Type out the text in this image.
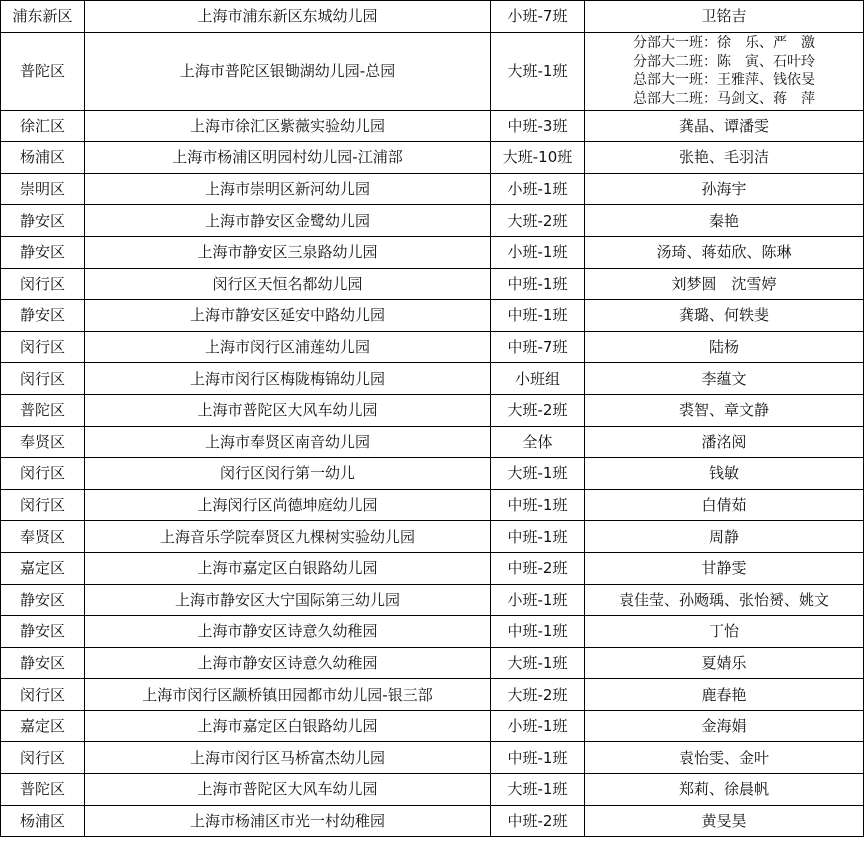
浦东新区	上海市浦东新区东城幼儿园	小班-7班	卫铭吉
普陀区	上海市普陀区银锄湖幼儿园-总园	大班-1班	分部大一班：徐　乐、严　激
分部大二班：陈　寅、石叶玲
总部大一班：王雅萍、钱依旻
总部大二班：马剑文、蒋　萍

徐汇区	上海市徐汇区紫薇实验幼儿园	中班-3班	龚晶、谭潘雯
杨浦区	上海市杨浦区明园村幼儿园-江浦部	大班-10班	张艳、毛羽洁
崇明区	上海市崇明区新河幼儿园	小班-1班	孙海宇
静安区	上海市静安区金鹭幼儿园	大班-2班	秦艳
静安区	上海市静安区三泉路幼儿园	小班-1班	汤琦、蒋茹欣、陈琳
闵行区	闵行区天恒名都幼儿园	中班-1班	刘梦圆　沈雪婷
静安区	上海市静安区延安中路幼儿园	中班-1班	龚璐、何轶斐
闵行区	上海市闵行区浦莲幼儿园	中班-7班	陆杨
闵行区	上海市闵行区梅陇梅锦幼儿园	小班组	李蕴文
普陀区	上海市普陀区大风车幼儿园	大班-2班	裘智、章文静
奉贤区	上海市奉贤区南音幼儿园	全体	潘洺阅
闵行区	闵行区闵行第一幼儿	大班-1班	钱敏
闵行区	上海闵行区尚德坤庭幼儿园	中班-1班	白倩茹
奉贤区	上海音乐学院奉贤区九棵树实验幼儿园	中班-1班	周静
嘉定区	上海市嘉定区白银路幼儿园	中班-2班	甘静雯
静安区	上海市静安区大宁国际第三幼儿园	小班-1班	袁佳莹、孙飏瑀、张怡赟、姚文
静安区	上海市静安区诗意久幼稚园	中班-1班	丁怡
静安区	上海市静安区诗意久幼稚园	大班-1班	夏婧乐
闵行区	上海市闵行区颛桥镇田园都市幼儿园-银三部	大班-2班	鹿春艳
嘉定区	上海市嘉定区白银路幼儿园	小班-1班	金海娟
闵行区	上海市闵行区马桥富杰幼儿园	中班-1班	袁怡雯、金叶
普陀区	上海市普陀区大风车幼儿园	大班-1班	郑莉、徐晨帆
杨浦区	上海市杨浦区市光一村幼稚园	中班-2班	黄旻昊
